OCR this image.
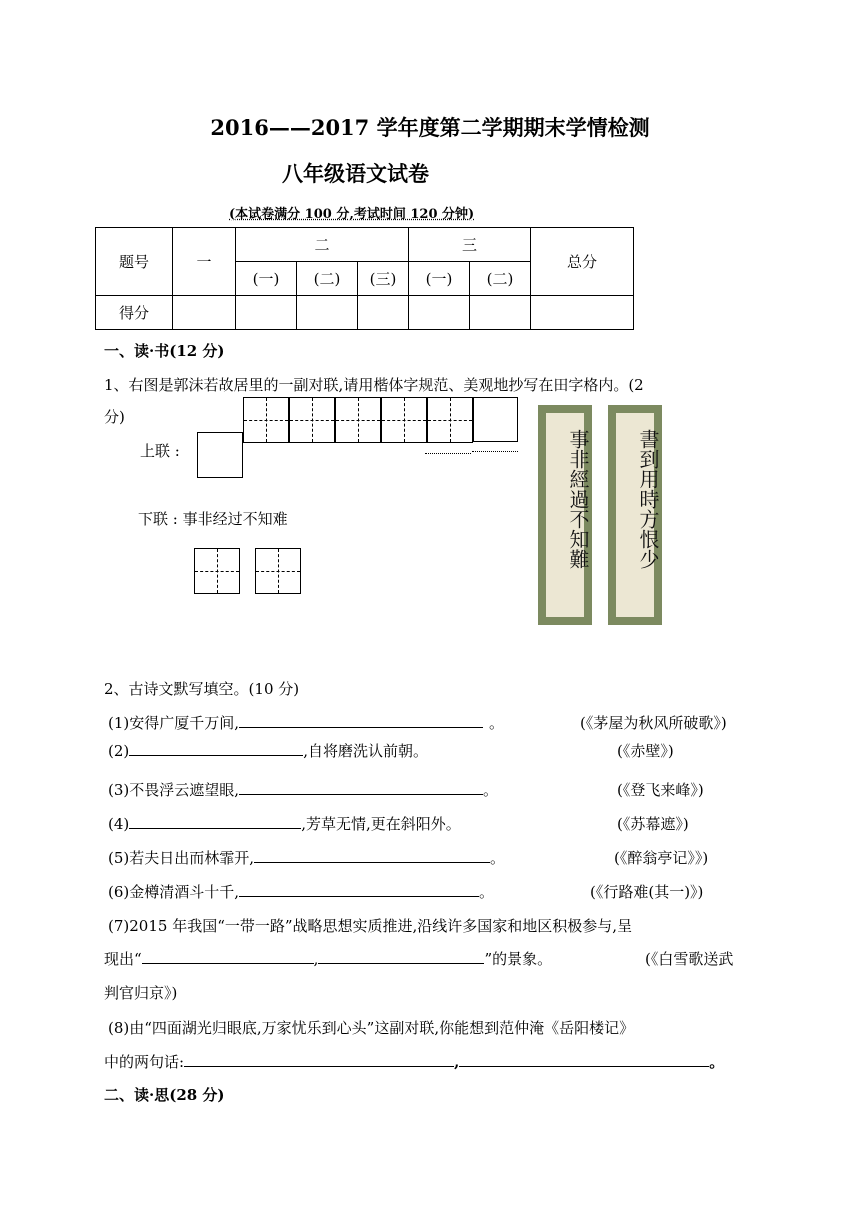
2016——2017 学年度第二学期期末学情检测
八年级语文试卷
(本试卷满分 100 分,考试时间 120 分钟)
题号	一	二			三		总分
		(一)	(二)	(三)	(一)	(二)	
得分							
一、读·书(12 分)
1、右图是郭沫若故居里的一副对联,请用楷体字规范、美观地抄写在田字格内。(2
分)
上联 :
下联 : 事非经过不知难	事非經過不知難	書到用時方恨少
2、古诗文默写填空。(10 分)
(1)安得广厦千万间,	。	(《茅屋为秋风所破歌》)
(2)	,自将磨洗认前朝。	(《赤壁》)
(3)不畏浮云遮望眼,	。	(《登飞来峰》)
(4)	,芳草无情,更在斜阳外。	(《苏幕遮》)
(5)若夫日出而林霏开,	。	(《醉翁亭记》》)
(6)金樽清酒斗十千,	。	(《行路难(其一)》)
(7)2015 年我国“一带一路”战略思想实质推进,沿线许多国家和地区积极参与,呈
现出“	,	”的景象。	(《白雪歌送武
判官归京》)
(8)由“四面湖光归眼底,万家忧乐到心头”这副对联,你能想到范仲淹《岳阳楼记》
中的两句话:	,	。
二、读·思(28 分)
